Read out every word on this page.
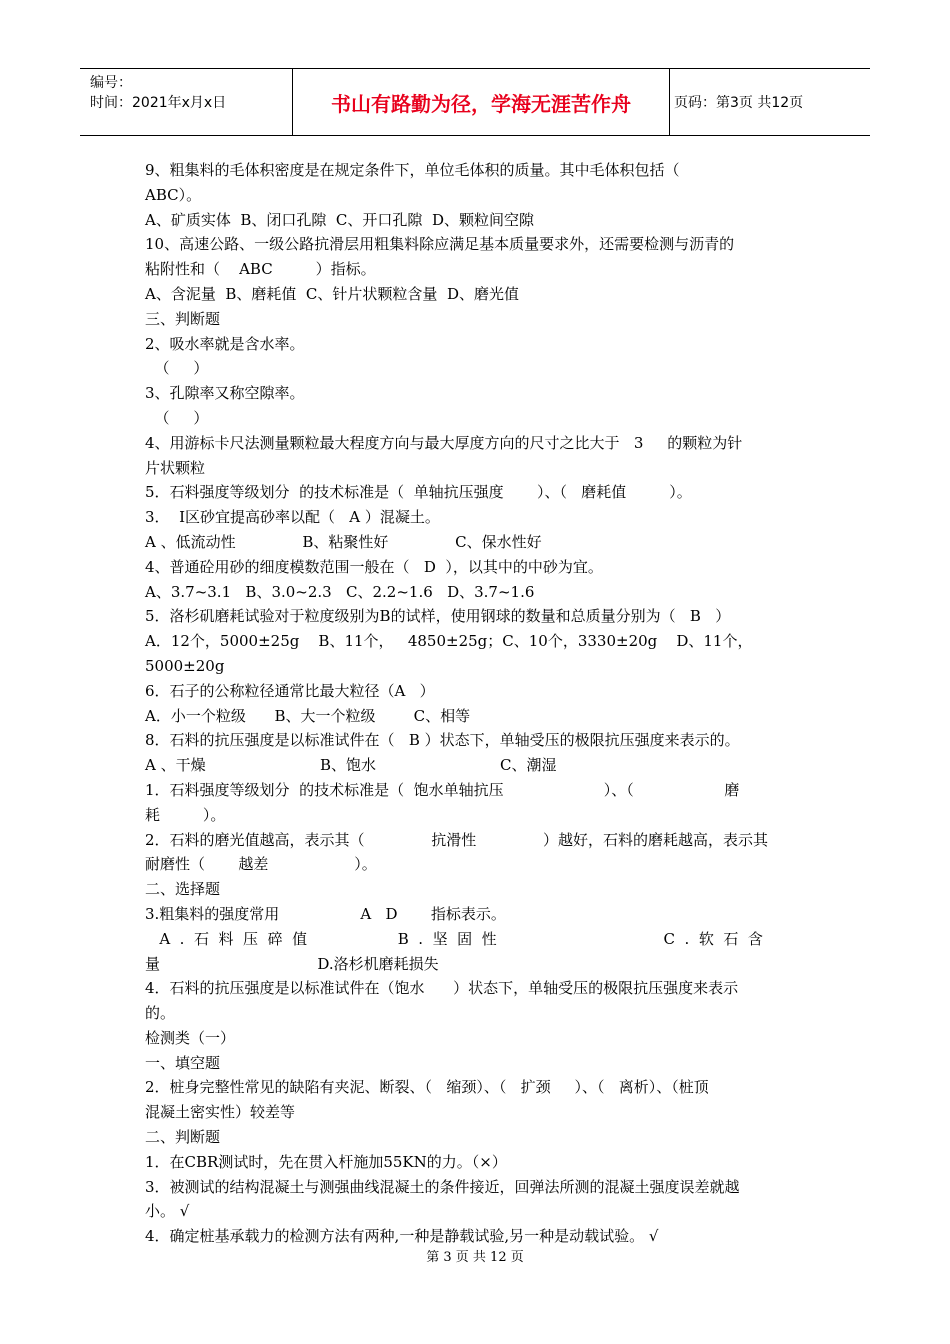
编号：
时间：2021年x月x日	书山有路勤为径，学海无涯苦作舟	页码：第3页 共12页

9、粗集料的毛体积密度是在规定条件下，单位毛体积的质量。其中毛体积包括（

ABC）。

A、矿质实体  B、闭口孔隙  C、开口孔隙  D、颗粒间空隙

10、高速公路、一级公路抗滑层用粗集料除应满足基本质量要求外，还需要检测与沥青的

粘附性和（    ABC         ）指标。

A、含泥量  B、磨耗值  C、针片状颗粒含量  D、磨光值

三、判断题

2、吸水率就是含水率。

（     ）

3、孔隙率又称空隙率。

（     ）

4、用游标卡尺法测量颗粒最大程度方向与最大厚度方向的尺寸之比大于   3     的颗粒为针

片状颗粒

5．石料强度等级划分  的技术标准是（  单轴抗压强度       ）、（   磨耗值         ）。

3．  I区砂宜提高砂率以配（   A ）混凝土。

A 、低流动性              B、粘聚性好              C、保水性好

4、普通砼用砂的细度模数范围一般在（   D  ），以其中的中砂为宜。

A、3.7~3.1   B、3.0~2.3   C、2.2~1.6   D、3.7~1.6

5．洛杉矶磨耗试验对于粒度级别为B的试样，使用钢球的数量和总质量分别为（   B   ）

A．12个，5000±25g    B、11个，   4850±25g；C、10个，3330±20g    D、11个，5000±20g

6．石子的公称粒径通常比最大粒径（A   ）

A．小一个粒级      B、大一个粒级        C、相等

8．石料的抗压强度是以标准试件在（   B ）状态下，单轴受压的极限抗压强度来表示的。

A 、干燥                        B、饱水                          C、潮湿

1．石料强度等级划分  的技术标准是（  饱水单轴抗压                     ）、（                   磨

耗         ）。

2．石料的磨光值越高，表示其（              抗滑性              ）越好，石料的磨耗越高，表示其

耐磨性（       越差                  ）。

二、选择题

3.粗集料的强度常用                 A   D       指标表示。

A  .  石  料  压  碎  值                   B  .  坚  固  性                                   C  .  软  石  含

量                                 D.洛杉机磨耗损失

4．石料的抗压强度是以标准试件在（饱水      ）状态下，单轴受压的极限抗压强度来表示

的。

检测类（一）

一、填空题

2．桩身完整性常见的缺陷有夹泥、断裂、（   缩颈）、（   扩颈     ）、（   离析）、（桩顶

混凝土密实性）较差等

二、判断题

1．在CBR测试时，先在贯入杆施加55KN的力。（×）

3．被测试的结构混凝土与测强曲线混凝土的条件接近，回弹法所测的混凝土强度误差就越

小。 √

4．确定桩基承载力的检测方法有两种,一种是静载试验,另一种是动载试验。 √

第 3 页 共 12 页
